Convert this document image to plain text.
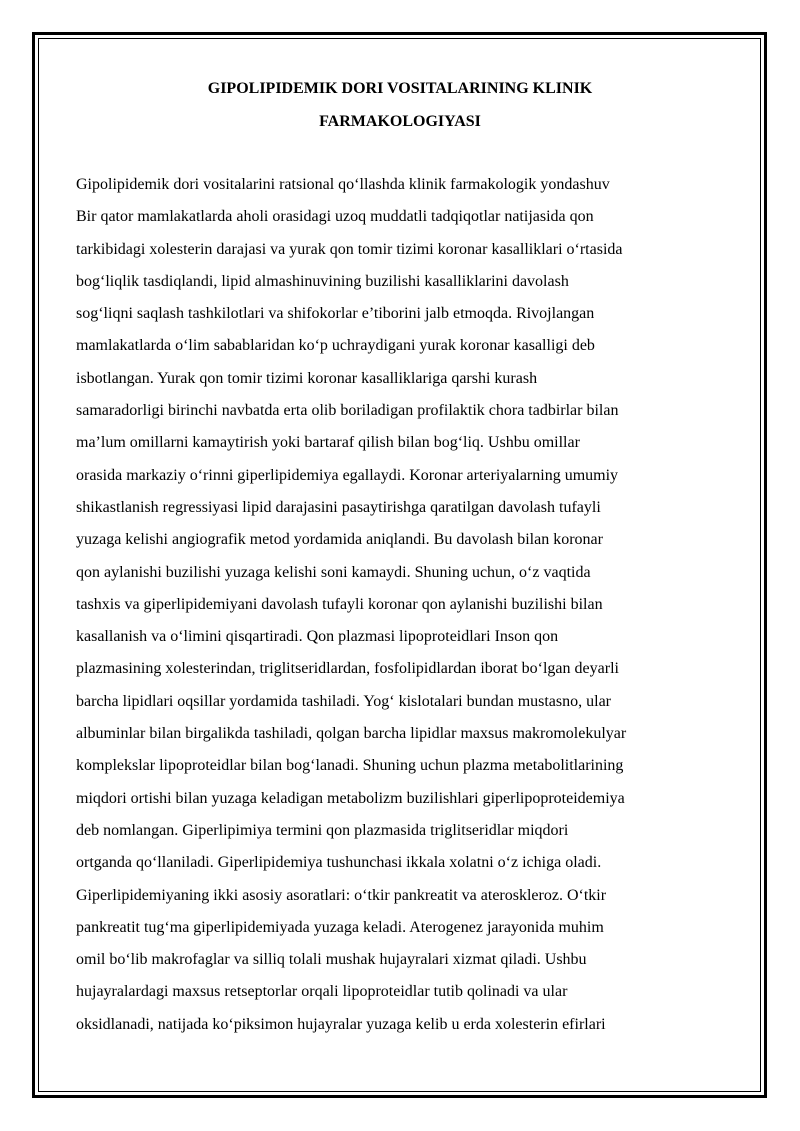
GIPOLIPIDEMIK DORI VOSITALARINING KLINIK
FARMAKOLOGIYASI
Gipolipidemik dori vositalarini ratsional qo‘llashda klinik farmakologik yondashuv
Bir qator mamlakatlarda aholi orasidagi uzoq muddatli tadqiqotlar natijasida qon
tarkibidagi xolesterin darajasi va yurak qon tomir tizimi koronar kasalliklari o‘rtasida
bog‘liqlik tasdiqlandi, lipid almashinuvining buzilishi kasalliklarini davolash
sog‘liqni saqlash tashkilotlari va shifokorlar e’tiborini jalb etmoqda. Rivojlangan
mamlakatlarda o‘lim sabablaridan ko‘p uchraydigani yurak koronar kasalligi deb
isbotlangan. Yurak qon tomir tizimi koronar kasalliklariga qarshi kurash
samaradorligi birinchi navbatda erta olib boriladigan profilaktik chora tadbirlar bilan
ma’lum omillarni kamaytirish yoki bartaraf qilish bilan bog‘liq. Ushbu omillar
orasida markaziy o‘rinni giperlipidemiya egallaydi. Koronar arteriyalarning umumiy
shikastlanish regressiyasi lipid darajasini pasaytirishga qaratilgan davolash tufayli
yuzaga kelishi angiografik metod yordamida aniqlandi. Bu davolash bilan koronar
qon aylanishi buzilishi yuzaga kelishi soni kamaydi. Shuning uchun, o‘z vaqtida
tashxis va giperlipidemiyani davolash tufayli koronar qon aylanishi buzilishi bilan
kasallanish va o‘limini qisqartiradi. Qon plazmasi lipoproteidlari Inson qon
plazmasining xolesterindan, triglitseridlardan, fosfolipidlardan iborat bo‘lgan deyarli
barcha lipidlari oqsillar yordamida tashiladi. Yog‘ kislotalari bundan mustasno, ular
albuminlar bilan birgalikda tashiladi, qolgan barcha lipidlar maxsus makromolekulyar
komplekslar lipoproteidlar bilan bog‘lanadi. Shuning uchun plazma metabolitlarining
miqdori ortishi bilan yuzaga keladigan metabolizm buzilishlari giperlipoproteidemiya
deb nomlangan. Giperlipimiya termini qon plazmasida triglitseridlar miqdori
ortganda qo‘llaniladi. Giperlipidemiya tushunchasi ikkala xolatni o‘z ichiga oladi.
Giperlipidemiyaning ikki asosiy asoratlari: o‘tkir pankreatit va ateroskleroz. O‘tkir
pankreatit tug‘ma giperlipidemiyada yuzaga keladi. Aterogenez jarayonida muhim
omil bo‘lib makrofaglar va silliq tolali mushak hujayralari xizmat qiladi. Ushbu
hujayralardagi maxsus retseptorlar orqali lipoproteidlar tutib qolinadi va ular
oksidlanadi, natijada ko‘piksimon hujayralar yuzaga kelib u erda xolesterin efirlari
